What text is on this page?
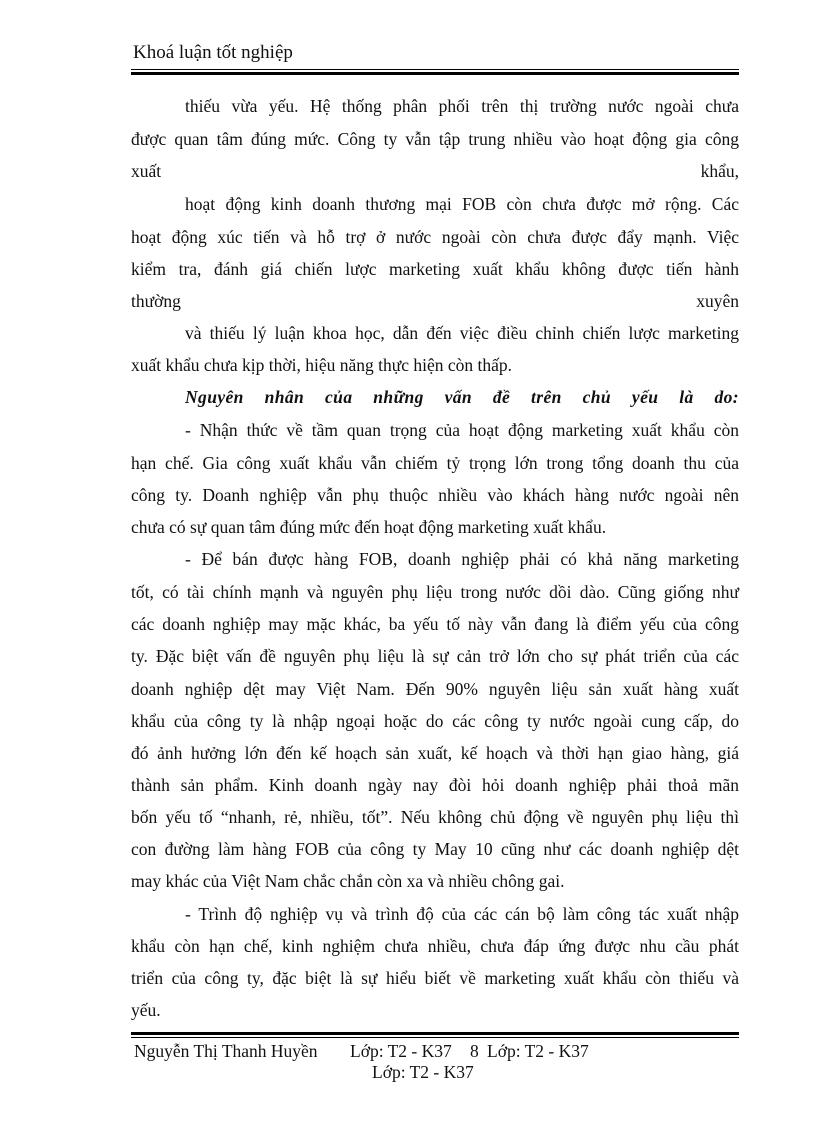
Khoá luận tốt nghiệp
thiếu vừa yếu. Hệ thống phân phối trên thị trường nước ngoài chưa
được quan tâm đúng mức. Công ty vẫn tập trung nhiều vào hoạt động gia công
xuất	khẩu,
hoạt động kinh doanh thương mại FOB còn chưa được mở rộng. Các
hoạt động xúc tiến và hỗ trợ ở nước ngoài còn chưa được đẩy mạnh. Việc
kiểm tra, đánh giá chiến lược marketing xuất khẩu không được tiến hành
thường	xuyên
và thiếu lý luận khoa học, dẫn đến việc điều chỉnh chiến lược marketing
xuất khẩu chưa kịp thời, hiệu năng thực hiện còn thấp.
Nguyên nhân của những vấn đề trên chủ yếu là do:
- Nhận thức về tầm quan trọng của hoạt động marketing xuất khẩu còn
hạn chế. Gia công xuất khẩu vẫn chiếm tỷ trọng lớn trong tổng doanh thu của
công ty. Doanh nghiệp vẫn phụ thuộc nhiều vào khách hàng nước ngoài nên
chưa có sự quan tâm đúng mức đến hoạt động marketing xuất khẩu.
- Để bán được hàng FOB, doanh nghiệp phải có khả năng marketing
tốt, có tài chính mạnh và nguyên phụ liệu trong nước dồi dào. Cũng giống như
các doanh nghiệp may mặc khác, ba yếu tố này vẫn đang là điểm yếu của công
ty. Đặc biệt vấn đề nguyên phụ liệu là sự cản trở lớn cho sự phát triển của các
doanh nghiệp dệt may Việt Nam. Đến 90% nguyên liệu sản xuất hàng xuất
khẩu của công ty là nhập ngoại hoặc do các công ty nước ngoài cung cấp, do
đó ảnh hưởng lớn đến kế hoạch sản xuất, kế hoạch và thời hạn giao hàng, giá
thành sản phẩm. Kinh doanh ngày nay đòi hỏi doanh nghiệp phải thoả mãn
bốn yếu tố “nhanh, rẻ, nhiều, tốt”. Nếu không chủ động về nguyên phụ liệu thì
con đường làm hàng FOB của công ty May 10 cũng như các doanh nghiệp dệt
may khác của Việt Nam chắc chắn còn xa và nhiều chông gai.
- Trình độ nghiệp vụ và trình độ của các cán bộ làm công tác xuất nhập
khẩu còn hạn chế, kinh nghiệm chưa nhiều, chưa đáp ứng được nhu cầu phát
triển của công ty, đặc biệt là sự hiểu biết về marketing xuất khẩu còn thiếu và
yếu.
Nguyễn Thị Thanh Huyền Lớp: T2 - K37 8 Lớp: T2 - K37
Lớp: T2 - K37
